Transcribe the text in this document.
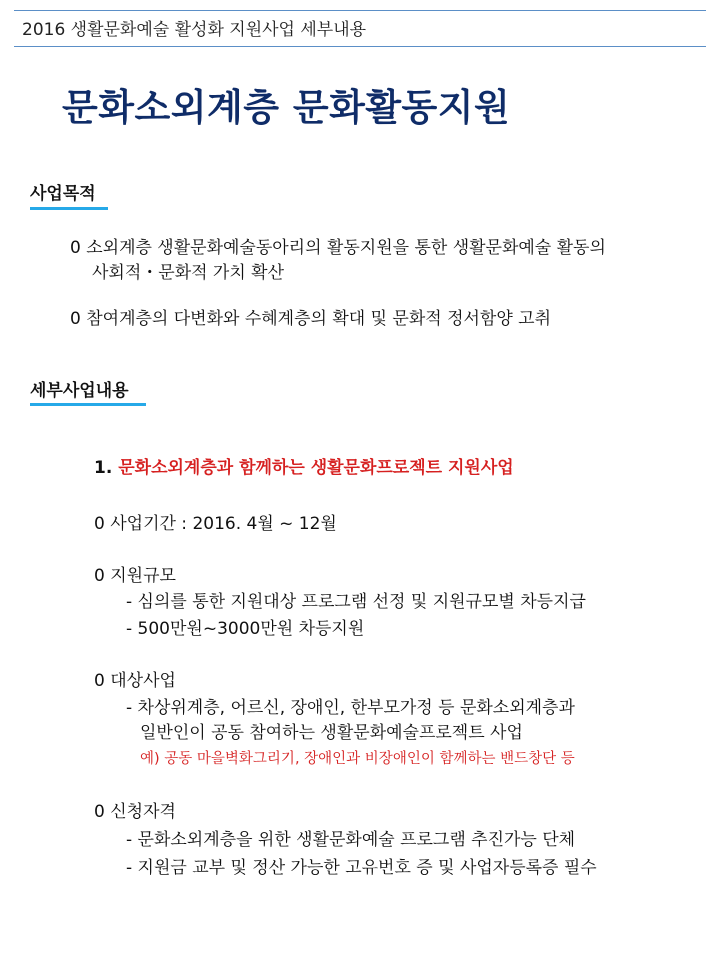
2016 생활문화예술 활성화 지원사업 세부내용
문화소외계층 문화활동지원
사업목적
0 소외계층 생활문화예술동아리의 활동지원을 통한 생활문화예술 활동의
사회적・문화적 가치 확산
0 참여계층의 다변화와 수혜계층의 확대 및 문화적 정서함양 고취
세부사업내용
1. 문화소외계층과 함께하는 생활문화프로젝트 지원사업
0 사업기간 : 2016. 4월 ~ 12월
0 지원규모
- 심의를 통한 지원대상 프로그램 선정 및 지원규모별 차등지급
- 500만원~3000만원 차등지원
0 대상사업
- 차상위계층, 어르신, 장애인, 한부모가정 등 문화소외계층과
일반인이 공동 참여하는 생활문화예술프로젝트 사업
예) 공동 마을벽화그리기, 장애인과 비장애인이 함께하는 밴드창단 등
0 신청자격
- 문화소외계층을 위한 생활문화예술 프로그램 추진가능 단체
- 지원금 교부 및 정산 가능한 고유번호 증 및 사업자등록증 필수
